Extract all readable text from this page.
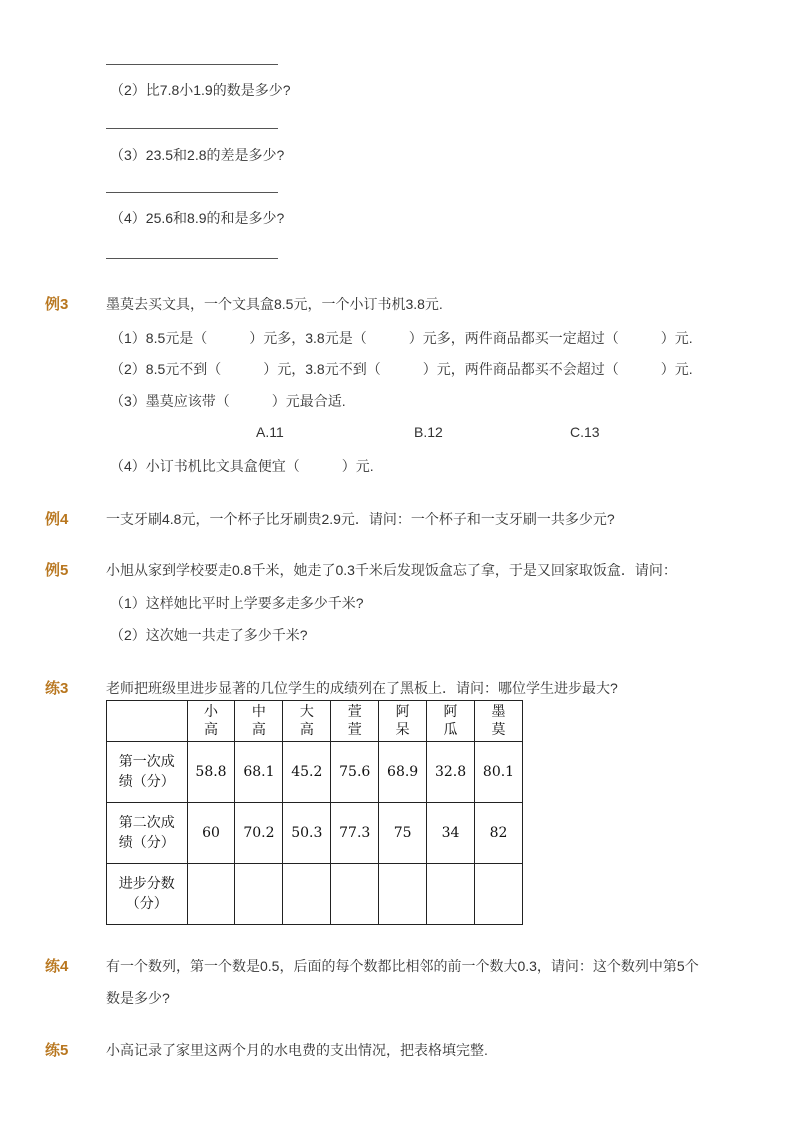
（2）比7.8小1.9的数是多少?
（3）23.5和2.8的差是多少?
（4）25.6和8.9的和是多少?
例3	墨莫去买文具，一个文具盒8.5元，一个小订书机3.8元.
（1）8.5元是（　　　）元多，3.8元是（　　　）元多，两件商品都买一定超过（　　　）元.
（2）8.5元不到（　　　）元，3.8元不到（　　　）元，两件商品都买不会超过（　　　）元.
（3）墨莫应该带（　　　）元最合适.
A.11	B.12	C.13
（4）小订书机比文具盒便宜（　　　）元.
例4	一支牙刷4.8元，一个杯子比牙刷贵2.9元．请问：一个杯子和一支牙刷一共多少元?
例5	小旭从家到学校要走0.8千米，她走了0.3千米后发现饭盒忘了拿，于是又回家取饭盒．请问：
（1）这样她比平时上学要多走多少千米?
（2）这次她一共走了多少千米?
练3	老师把班级里进步显著的几位学生的成绩列在了黑板上．请问：哪位学生进步最大?
	小高	中高	大高	萱萱	阿呆	阿瓜	墨莫
第一次成绩（分）	58.8	68.1	45.2	75.6	68.9	32.8	80.1
第二次成绩（分）	60	70.2	50.3	77.3	75	34	82
进步分数（分）							
练4	有一个数列，第一个数是0.5，后面的每个数都比相邻的前一个数大0.3，请问：这个数列中第5个
数是多少?
练5	小高记录了家里这两个月的水电费的支出情况，把表格填完整.
